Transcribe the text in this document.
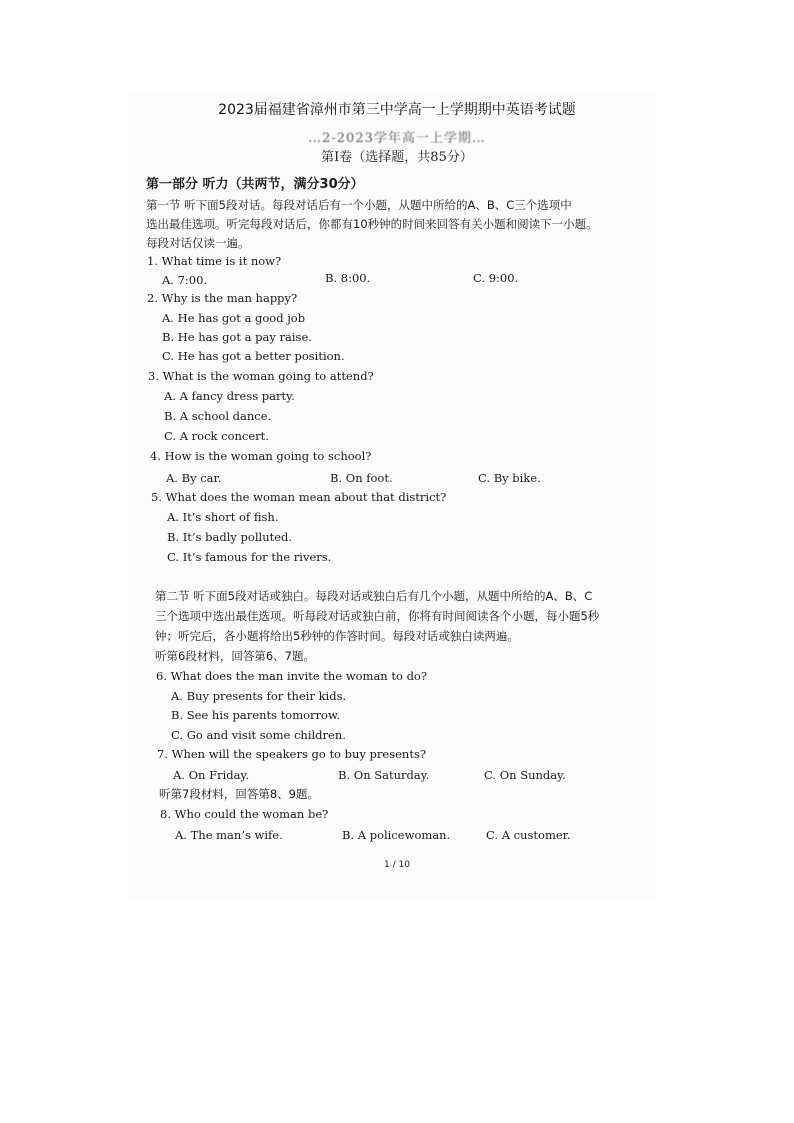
2023届福建省漳州市第三中学高一上学期期中英语考试题
…2-2023学年高一上学期…
第Ⅰ卷（选择题，共85分）
第一部分 听力（共两节，满分30分）
第一节 听下面5段对话。每段对话后有一个小题，从题中所给的A、B、C三个选项中
选出最佳选项。听完每段对话后，你都有10秒钟的时间来回答有关小题和阅读下一小题。
每段对话仅读一遍。
1. What time is it now?
A. 7:00.	B. 8:00.	C. 9:00.
2. Why is the man happy?
A. He has got a good job
B. He has got a pay raise.
C. He has got a better position.
3. What is the woman going to attend?
A. A fancy dress party.
B. A school dance.
C. A rock concert.
4. How is the woman going to school?
A. By car.	B. On foot.	C. By bike.
5. What does the woman mean about that district?
A. It’s short of fish.
B. It’s badly polluted.
C. It’s famous for the rivers.
第二节 听下面5段对话或独白。每段对话或独白后有几个小题，从题中所给的A、B、C
三个选项中选出最佳选项。听每段对话或独白前，你将有时间阅读各个小题，每小题5秒
钟；听完后，各小题将给出5秒钟的作答时间。每段对话或独白读两遍。
听第6段材料，回答第6、7题。
6. What does the man invite the woman to do?
A. Buy presents for their kids.
B. See his parents tomorrow.
C. Go and visit some children.
7. When will the speakers go to buy presents?
A. On Friday.	B. On Saturday.	C. On Sunday.
听第7段材料，回答第8、9题。
8. Who could the woman be?
A. The man’s wife.	B. A policewoman.	C. A customer.
1 / 10
